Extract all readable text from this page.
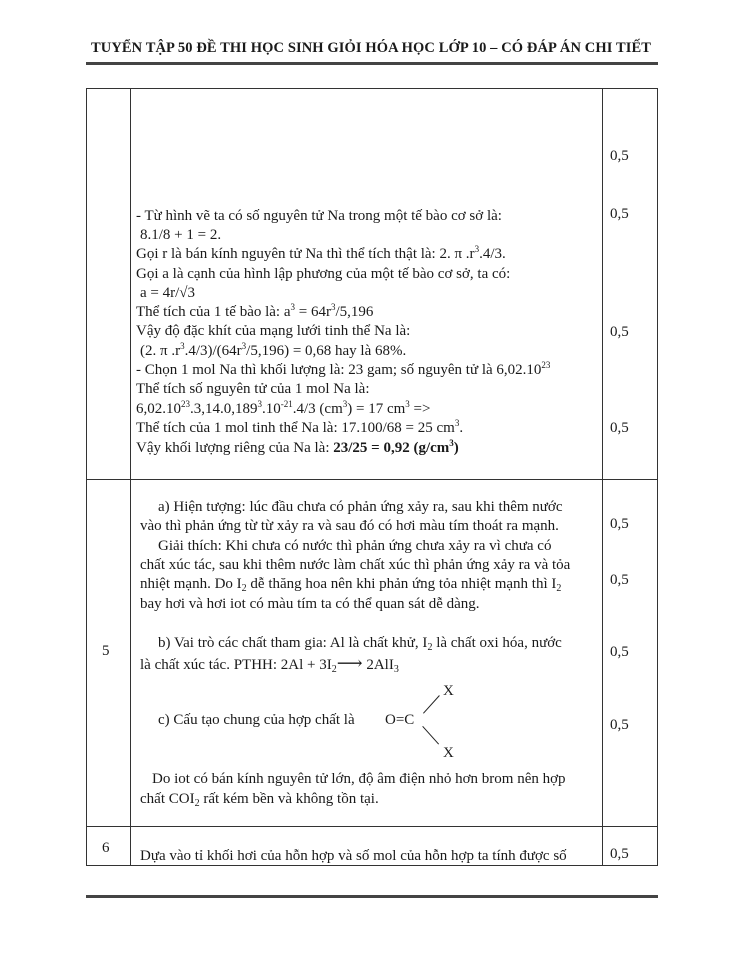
TUYỂN TẬP 50 ĐỀ THI HỌC SINH GIỎI HÓA HỌC LỚP 10 – CÓ ĐÁP ÁN CHI TIẾT
0,5
0,5
0,5
0,5
- Từ hình vẽ ta có số nguyên tử Na trong một tế bào cơ sở là:
8.1/8 + 1 = 2.
Gọi r là bán kính nguyên tử Na thì thể tích thật là: 2. π $.r^3.4/3$.
Gọi a là cạnh của hình lập phương của một tế bào cơ sở, ta có:
a = 4r/√3
Thể tích của 1 tế bào là: $a^3 = 64r^3/5,196$
Vậy độ đặc khít của mạng lưới tinh thể Na là:
(2. π $.r^3.4/3)/(64r^3/5,196) = 0,68$ hay là 68%.
- Chọn 1 mol Na thì khối lượng là: 23 gam; số nguyên tử là 6,02.10$^{23}$
Thể tích số nguyên tử của 1 mol Na là:
$6,02.10^{23}.3,14.0,189^3.10^{-21}.4/3$ $(cm^3) = 17$ $cm^3$ =>
Thể tích của 1 mol tinh thể Na là: 17.100/68 = 25 $cm^3$.
Vậy khối lượng riêng của Na là: 23/25 = 0,92 $(g/cm^3)$
5
0,5
0,5
0,5
0,5
a) Hiện tượng: lúc đầu chưa có phản ứng xảy ra, sau khi thêm nước
vào thì phản ứng từ từ xảy ra và sau đó có hơi màu tím thoát ra mạnh.
Giải thích: Khi chưa có nước thì phản ứng chưa xảy ra vì chưa có
chất xúc tác, sau khi thêm nước làm chất xúc thì phản ứng xảy ra và tỏa
nhiệt mạnh. Do $I_2$ dễ thăng hoa nên khi phản ứng tỏa nhiệt mạnh thì $I_2$
bay hơi và hơi iot có màu tím ta có thể quan sát dễ dàng.
b) Vai trò các chất tham gia: Al là chất khử, $I_2$ là chất oxi hóa, nước
là chất xúc tác. PTHH: $2Al + 3I_2⟶$ 2AlI$_3$
c) Cấu tạo chung của hợp chất là O=C
X
X
Do iot có bán kính nguyên tử lớn, độ âm điện nhỏ hơn brom nên hợp
chất $COI_2$ rất kém bền và không tồn tại.
6	0,5
Dựa vào tỉ khối hơi của hỗn hợp và số mol của hỗn hợp ta tính được số
